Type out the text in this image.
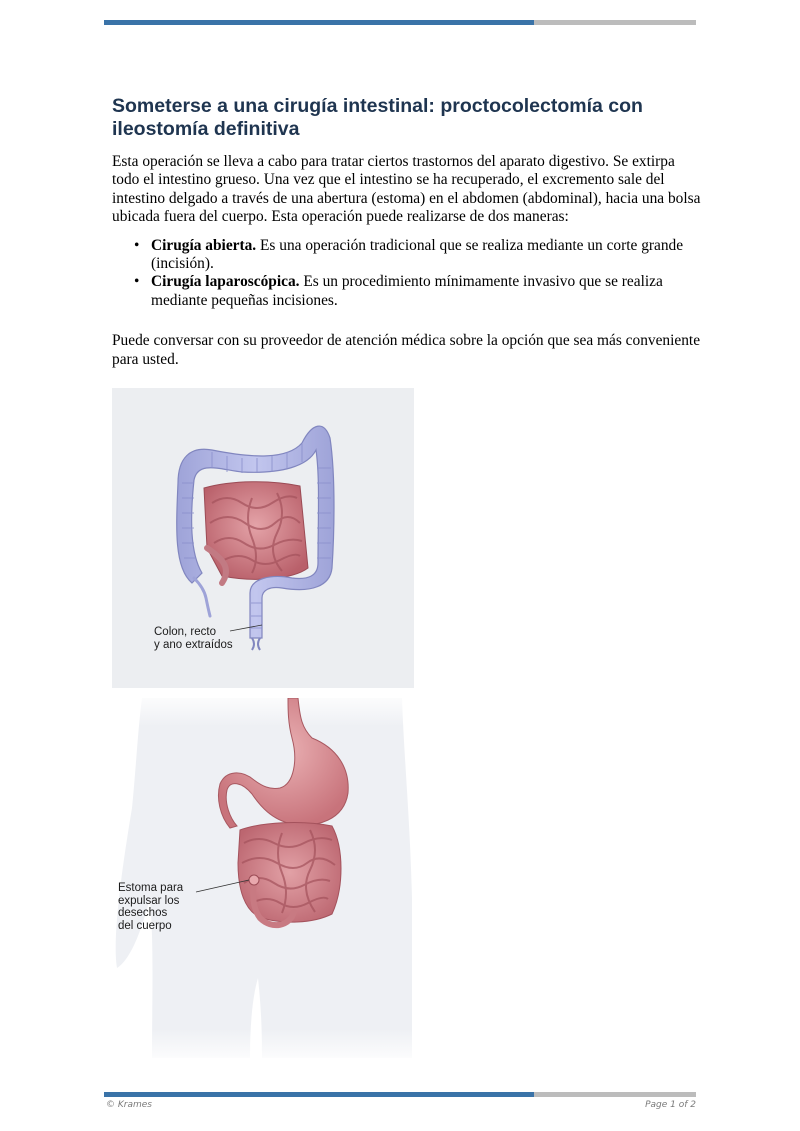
Someterse a una cirugía intestinal: proctocolectomía con ileostomía definitiva

Esta operación se lleva a cabo para tratar ciertos trastornos del aparato digestivo. Se extirpa todo el intestino grueso. Una vez que el intestino se ha recuperado, el excremento sale del intestino delgado a través de una abertura (estoma) en el abdomen (abdominal), hacia una bolsa ubicada fuera del cuerpo. Esta operación puede realizarse de dos maneras:

• Cirugía abierta. Es una operación tradicional que se realiza mediante un corte grande (incisión).
• Cirugía laparoscópica. Es un procedimiento mínimamente invasivo que se realiza mediante pequeñas incisiones.

Puede conversar con su proveedor de atención médica sobre la opción que sea más conveniente para usted.

Colon, recto
y ano extraídos
Estoma para
expulsar los
desechos
del cuerpo
© Krames	Page 1 of 2
